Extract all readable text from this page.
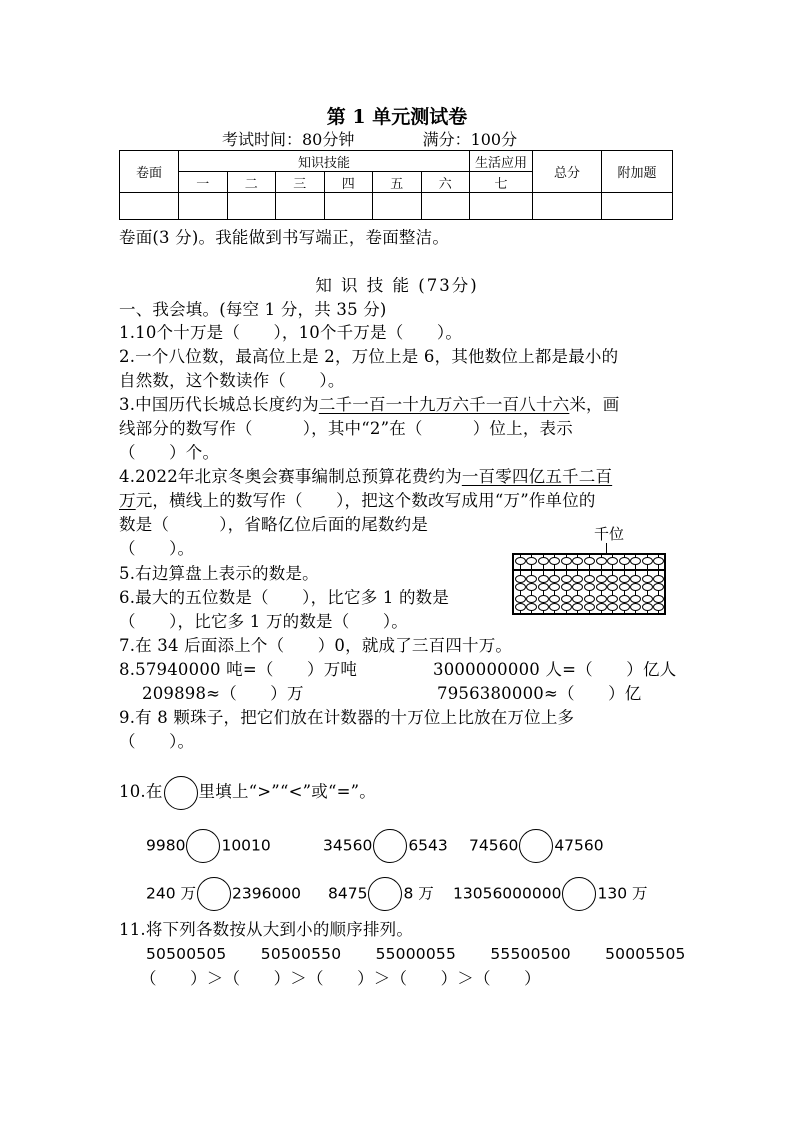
第 1 单元测试卷
考试时间：80分钟	满分：100分
卷面	知识技能						生活应用	总分	附加题
	一	二	三	四	五	六	七		

卷面(3 分)。我能做到书写端正，卷面整洁。
知 识 技 能 (73分)
一、我会填。(每空 1 分，共 35 分)
1.10个十万是（　　），10个千万是（　　）。
2.一个八位数，最高位上是 2，万位上是 6，其他数位上都是最小的
自然数，这个数读作（　　）。
3.中国历代长城总长度约为二千一百一十九万六千一百八十六米，画
线部分的数写作（　　　），其中“2”在（　　　）位上，表示
（　　）个。
4.2022年北京冬奥会赛事编制总预算花费约为一百零四亿五千二百
万元，横线上的数写作（　　），把这个数改写成用“万”作单位的
数是（　　　），省略亿位后面的尾数约是
（　　）。
千位
5.右边算盘上表示的数是。
6.最大的五位数是（　　），比它多 1 的数是
（　　），比它多 1 万的数是（　　）。
7.在 34 后面添上个（　　）0，就成了三百四十万。
8.57940000 吨=（　　）万吨	3000000000 人=（　　）亿人
209898≈（　　）万	7956380000≈（　　）亿
9.有 8 颗珠子，把它们放在计数器的十万位上比放在万位上多
（　　）。
10.在 里填上“>”“<”或“=”。
9980 10010	34560 6543 74560 47560
240 万 2396000 8475 8 万 13056000000 130 万
11.将下列各数按从大到小的顺序排列。
50500505 50500550 55000055 55500500 50005505
（　　）＞（　　）＞（　　）＞（　　）＞（　　）
